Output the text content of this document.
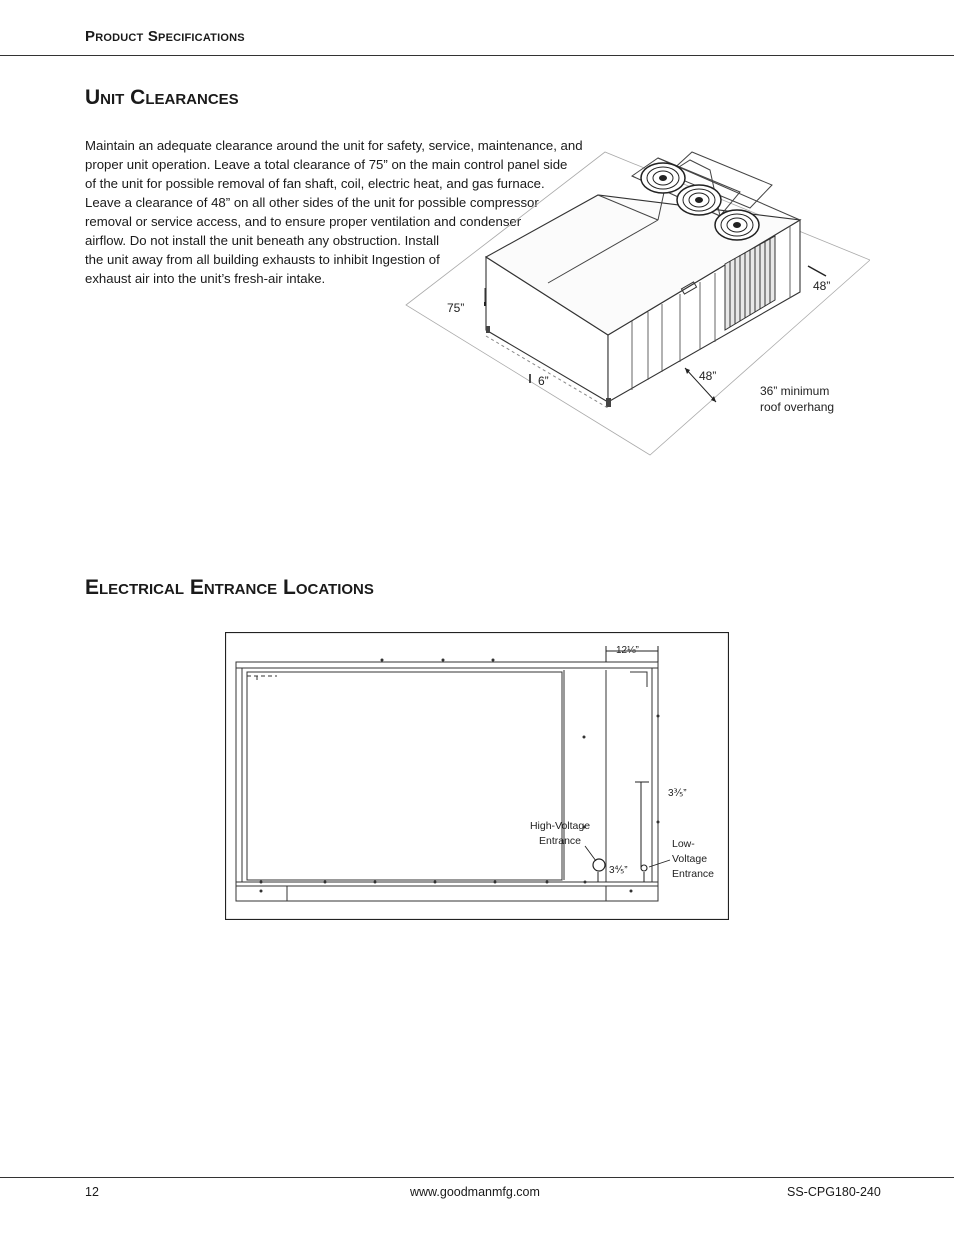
Product Specifications
Unit Clearances

Maintain an adequate clearance around the unit for safety, service, maintenance, and
proper unit operation. Leave a total clearance of 75” on the main control panel side
of the unit for possible removal of fan shaft, coil, electric heat, and gas furnace.
Leave a clearance of 48” on all other sides of the unit for possible compressor
removal or service access, and to ensure proper ventilation and condenser
airflow. Do not install the unit beneath any obstruction. Install
the unit away from all building exhausts to inhibit Ingestion of
exhaust air into the unit’s fresh-air intake.

75”
6”	48”
48”
36” minimum
roof overhang
Electrical Entrance Locations
12⅛”
3⅗”
3⅘”
High-Voltage
Entrance	Low-
Voltage
Entrance
12	www.goodmanmfg.com	SS-CPG180-240
